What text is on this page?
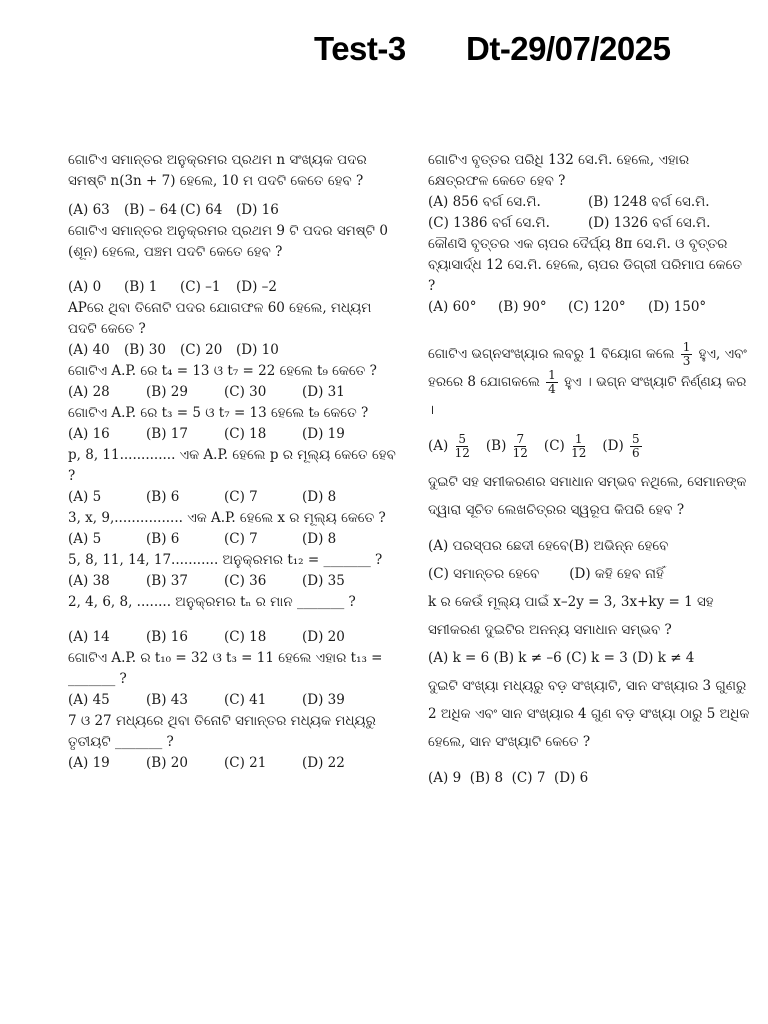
Test-3 Dt-29/07/2025

ଗୋଟିଏ ସମାନ୍ତର ଅନୁକ୍ରମର ପ୍ରଥମ n ସଂଖ୍ୟକ ପଦର ସମଷ୍ଟି n(3n + 7) ହେଲେ, 10 ମ ପଦଟି କେତେ ହେବ ?

(A) 63	(B) – 64 (C) 64	(D) 16

ଗୋଟିଏ ସମାନ୍ତର ଅନୁକ୍ରମର ପ୍ରଥମ 9 ଟି ପଦର ସମଷ୍ଟି 0 (ଶୂନ) ହେଲେ, ପଞ୍ଚମ ପଦଟି କେତେ ହେବ ?

(A) 0	(B) 1	(C) –1	(D) –2

APରେ ଥିବା ତିନୋଟି ପଦର ଯୋଗଫଳ 60 ହେଲେ, ମଧ୍ୟମ ପଦଟି କେତେ ?

(A) 40	(B) 30	(C) 20	(D) 10

ଗୋଟିଏ A.P. ରେ t₄ = 13 ଓ t₇ = 22 ହେଲେ t₉ କେତେ ?

(A) 28	(B) 29	(C) 30	(D) 31

ଗୋଟିଏ A.P. ରେ t₃ = 5 ଓ t₇ = 13 ହେଲେ t₉ କେତେ ?

(A) 16	(B) 17	(C) 18	(D) 19

p, 8, 11............. ଏକ A.P. ହେଲେ p ର ମୂଲ୍ୟ କେତେ ହେବ ?

(A) 5	(B) 6	(C) 7	(D) 8

3, x, 9,................ ଏକ A.P. ହେଲେ x ର ମୂଲ୍ୟ କେତେ ?

(A) 5	(B) 6	(C) 7	(D) 8

5, 8, 11, 14, 17........... ଅନୁକ୍ରମର t₁₂ = _______ ?

(A) 38	(B) 37	(C) 36	(D) 35

2, 4, 6, 8, ........ ଅନୁକ୍ରମର tₙ ର ମାନ _______ ?

(A) 14	(B) 16	(C) 18	(D) 20

ଗୋଟିଏ A.P. ର t₁₀ = 32 ଓ t₃ = 11 ହେଲେ ଏହାର t₁₃ = _______ ?

(A) 45	(B) 43	(C) 41	(D) 39

7 ଓ 27 ମଧ୍ୟରେ ଥିବା ତିନୋଟି ସମାନ୍ତର ମଧ୍ୟକ ମଧ୍ୟରୁ ତୃତୀୟଟି _______ ?

(A) 19	(B) 20	(C) 21	(D) 22

ଗୋଟିଏ ବୃତ୍ତର ପରିଧି 132 ସେ.ମି. ହେଲେ, ଏହାର କ୍ଷେତ୍ରଫଳ କେତେ ହେବ ?

(A) 856 ବର୍ଗ ସେ.ମି.	(B) 1248 ବର୍ଗ ସେ.ମି.
(C) 1386 ବର୍ଗ ସେ.ମି.	(D) 1326 ବର୍ଗ ସେ.ମି.

କୌଣସି ବୃତ୍ତର ଏକ ଚାପର ଦୈର୍ଘ୍ୟ 8π ସେ.ମି. ଓ ବୃତ୍ତର ବ୍ୟାସାର୍ଦ୍ଧ 12 ସେ.ମି. ହେଲେ, ଚାପର ଡିଗ୍ରୀ ପରିମାପ କେତେ ?

(A) 60°	(B) 90°	(C) 120°	(D) 150°
ଗୋଟିଏ ଭଗ୍ନସଂଖ୍ୟାର ଲବରୁ 1 ବିୟୋଗ କଲେ $\frac{1}{3}$ ହୁଏ, ଏବଂ ହରରେ 8 ଯୋଗକଲେ $\frac{1}{4}$ ହୁଏ । ଭଗ୍ନ ସଂଖ୍ୟାଟି ନିର୍ଣ୍ଣୟ କର ।
$(A) \frac{5}{12} (B) \frac{7}{12} (C) \frac{1}{12} (D) \frac{5}{6}$

ଦୁଇଟି ସହ ସମୀକରଣର ସମାଧାନ ସମ୍ଭବ ନଥିଲେ, ସେମାନଙ୍କ ଦ୍ୱାରା ସୂଚିତ ଲେଖଚିତ୍ରର ସ୍ୱରୂପ କିପରି ହେବ ?

(A) ପରସ୍ପର ଛେଦୀ ହେବେ(B) ଅଭିନ୍ନ ହେବେ
(C) ସମାନ୍ତର ହେବେ       (D) କହି ହେବ ନାହିଁ

k ର କେଉଁ ମୂଲ୍ୟ ପାଇଁ x–2y = 3, 3x+ky = 1 ସହ ସମୀକରଣ ଦୁଇଟିର ଅନନ୍ୟ ସମାଧାନ ସମ୍ଭବ ?

(A) k = 6 (B) k ≠ –6 (C) k = 3 (D) k ≠ 4

ଦୁଇଟି ସଂଖ୍ୟା ମଧ୍ୟରୁ ବଡ଼ ସଂଖ୍ୟାଟି, ସାନ ସଂଖ୍ୟାର 3 ଗୁଣରୁ 2 ଅଧିକ ଏବଂ ସାନ ସଂଖ୍ୟାର 4 ଗୁଣ ବଡ଼ ସଂଖ୍ୟା ଠାରୁ 5 ଅଧିକ ହେଲେ, ସାନ ସଂଖ୍ୟାଟି କେତେ ?

(A) 9  (B) 8  (C) 7  (D) 6
